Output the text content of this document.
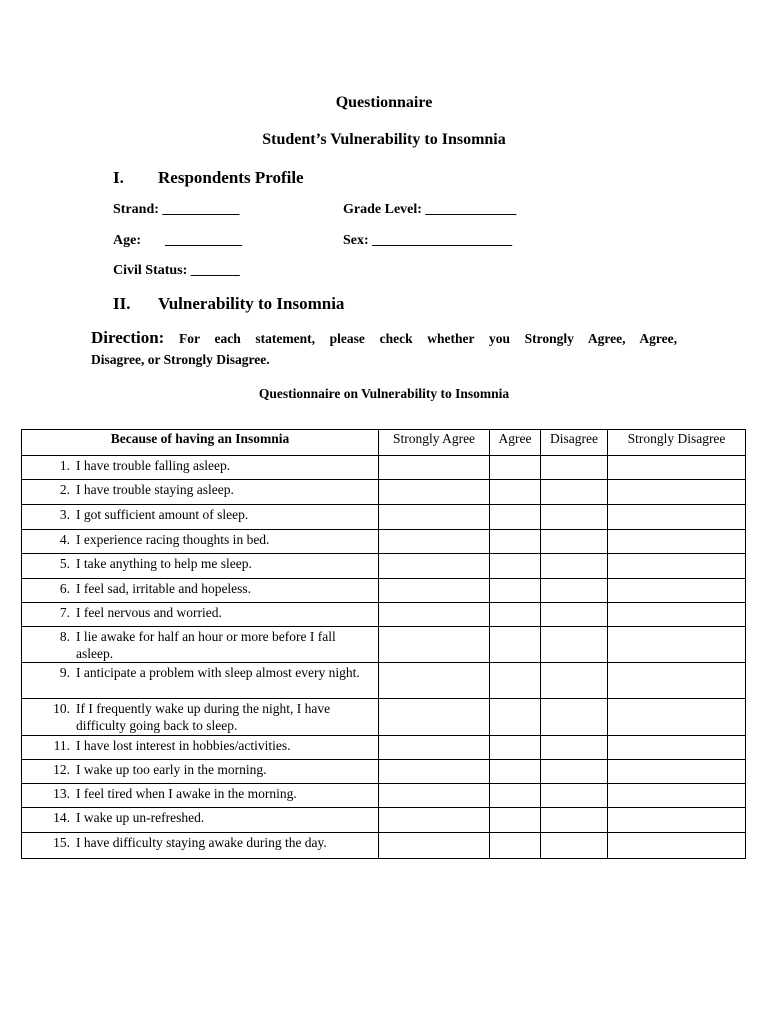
Questionnaire
Student’s Vulnerability to Insomnia
I. Respondents Profile
Strand: ___________	Grade Level: _____________
Age: ___________	Sex: ____________________
Civil Status: _______
II. Vulnerability to Insomnia
Direction: For each statement, please check whether you Strongly Agree, Agree,
Disagree, or Strongly Disagree.
Questionnaire on Vulnerability to Insomnia
Because of having an Insomnia	Strongly Agree	Agree	Disagree	Strongly Disagree

1. I have trouble falling asleep.				

2. I have trouble staying asleep.				

3. I got sufficient amount of sleep.				

4. I experience racing thoughts in bed.				

5. I take anything to help me sleep.				

6. I feel sad, irritable and hopeless.				

7. I feel nervous and worried.				

8. I lie awake for half an hour or more before I fall asleep.				

9. I anticipate a problem with sleep almost every night.				

10. If I frequently wake up during the night, I have difficulty going back to sleep.				

11. I have lost interest in hobbies/activities.				

12. I wake up too early in the morning.				

13. I feel tired when I awake in the morning.				

14. I wake up un-refreshed.				

15. I have difficulty staying awake during the day.				
